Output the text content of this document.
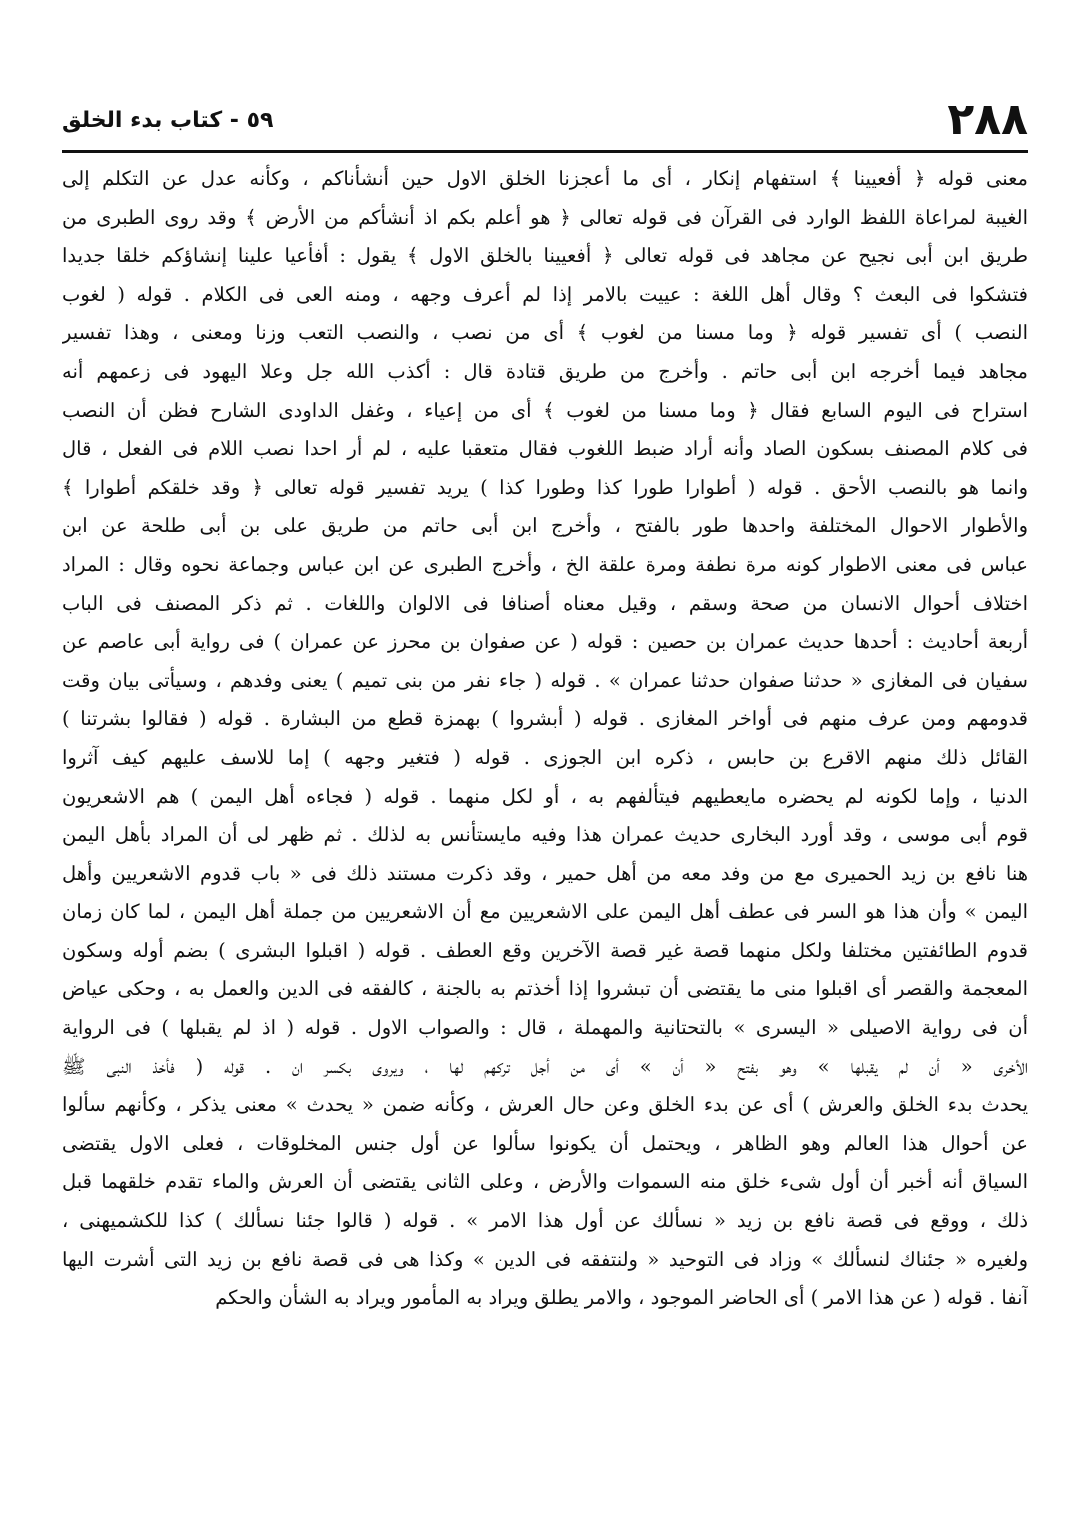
٢٨٨
٥٩ - كتاب بدء الخلق
معنى قوله ﴿ أفعيينا ﴾ استفهام إنكار ، أى ما أعجزنا الخلق الاول حين أنشأناكم ، وكأنه عدل عن التكلم إلى
الغيبة لمراعاة اللفظ الوارد فى القرآن فى قوله تعالى ﴿ هو أعلم بكم اذ أنشأكم من الأرض ﴾ وقد روى الطبرى من
طريق ابن أبى نجيح عن مجاهد فى قوله تعالى ﴿ أفعيينا بالخلق الاول ﴾ يقول : أفأعيا علينا إنشاؤكم خلقا جديدا
فتشكوا فى البعث ؟ وقال أهل اللغة : عييت بالامر إذا لم أعرف وجهه ، ومنه العى فى الكلام . قوله ( لغوب
النصب ) أى تفسير قوله ﴿ وما مسنا من لغوب ﴾ أى من نصب ، والنصب التعب وزنا ومعنى ، وهذا تفسير
مجاهد فيما أخرجه ابن أبى حاتم . وأخرج من طريق قتادة قال : أكذب الله جل وعلا اليهود فى زعمهم أنه
استراح فى اليوم السابع فقال ﴿ وما مسنا من لغوب ﴾ أى من إعياء ، وغفل الداودى الشارح فظن أن النصب
فى كلام المصنف بسكون الصاد وأنه أراد ضبط اللغوب فقال متعقبا عليه ، لم أر احدا نصب اللام فى الفعل ، قال
وانما هو بالنصب الأحق . قوله ( أطوارا طورا كذا وطورا كذا ) يريد تفسير قوله تعالى ﴿ وقد خلقكم أطوارا ﴾
والأطوار الاحوال المختلفة واحدها طور بالفتح ، وأخرج ابن أبى حاتم من طريق على بن أبى طلحة عن ابن
عباس فى معنى الاطوار كونه مرة نطفة ومرة علقة الخ ، وأخرج الطبرى عن ابن عباس وجماعة نحوه وقال : المراد
اختلاف أحوال الانسان من صحة وسقم ، وقيل معناه أصنافا فى الالوان واللغات . ثم ذكر المصنف فى الباب
أربعة أحاديث : أحدها حديث عمران بن حصين : قوله ( عن صفوان بن محرز عن عمران ) فى رواية أبى عاصم عن
سفيان فى المغازى « حدثنا صفوان حدثنا عمران » . قوله ( جاء نفر من بنى تميم ) يعنى وفدهم ، وسيأتى بيان وقت
قدومهم ومن عرف منهم فى أواخر المغازى . قوله ( أبشروا ) بهمزة قطع من البشارة . قوله ( فقالوا بشرتنا )
القائل ذلك منهم الاقرع بن حابس ، ذكره ابن الجوزى . قوله ( فتغير وجهه ) إما للاسف عليهم كيف آثروا
الدنيا ، وإما لكونه لم يحضره مايعطيهم فيتألفهم به ، أو لكل منهما . قوله ( فجاءه أهل اليمن ) هم الاشعريون
قوم أبى موسى ، وقد أورد البخارى حديث عمران هذا وفيه مايستأنس به لذلك . ثم ظهر لى أن المراد بأهل اليمن
هنا نافع بن زيد الحميرى مع من وفد معه من أهل حمير ، وقد ذكرت مستند ذلك فى « باب قدوم الاشعريين وأهل
اليمن » وأن هذا هو السر فى عطف أهل اليمن على الاشعريين مع أن الاشعريين من جملة أهل اليمن ، لما كان زمان
قدوم الطائفتين مختلفا ولكل منهما قصة غير قصة الآخرين وقع العطف . قوله ( اقبلوا البشرى ) بضم أوله وسكون
المعجمة والقصر أى اقبلوا منى ما يقتضى أن تبشروا إذا أخذتم به بالجنة ، كالفقه فى الدين والعمل به ، وحكى عياض
أن فى رواية الاصيلى « اليسرى » بالتحتانية والمهملة ، قال : والصواب الاول . قوله ( اذ لم يقبلها ) فى الرواية
الأخرى « أن لم يقبلها » وهو بفتح « أن » أى من أجل تركهم لها ، ويروى بكسر ان . قوله ( فأخذ النبى ﷺ
يحدث بدء الخلق والعرش ) أى عن بدء الخلق وعن حال العرش ، وكأنه ضمن « يحدث » معنى يذكر ، وكأنهم سألوا
عن أحوال هذا العالم وهو الظاهر ، ويحتمل أن يكونوا سألوا عن أول جنس المخلوقات ، فعلى الاول يقتضى
السياق أنه أخبر أن أول شىء خلق منه السموات والأرض ، وعلى الثانى يقتضى أن العرش والماء تقدم خلقهما قبل
ذلك ، ووقع فى قصة نافع بن زيد « نسألك عن أول هذا الامر » . قوله ( قالوا جئنا نسألك ) كذا للكشميهنى ،
ولغيره « جئناك لنسألك » وزاد فى التوحيد « ولنتفقه فى الدين » وكذا هى فى قصة نافع بن زيد التى أشرت اليها
آنفا . قوله ( عن هذا الامر ) أى الحاضر الموجود ، والامر يطلق ويراد به المأمور ويراد به الشأن والحكم
